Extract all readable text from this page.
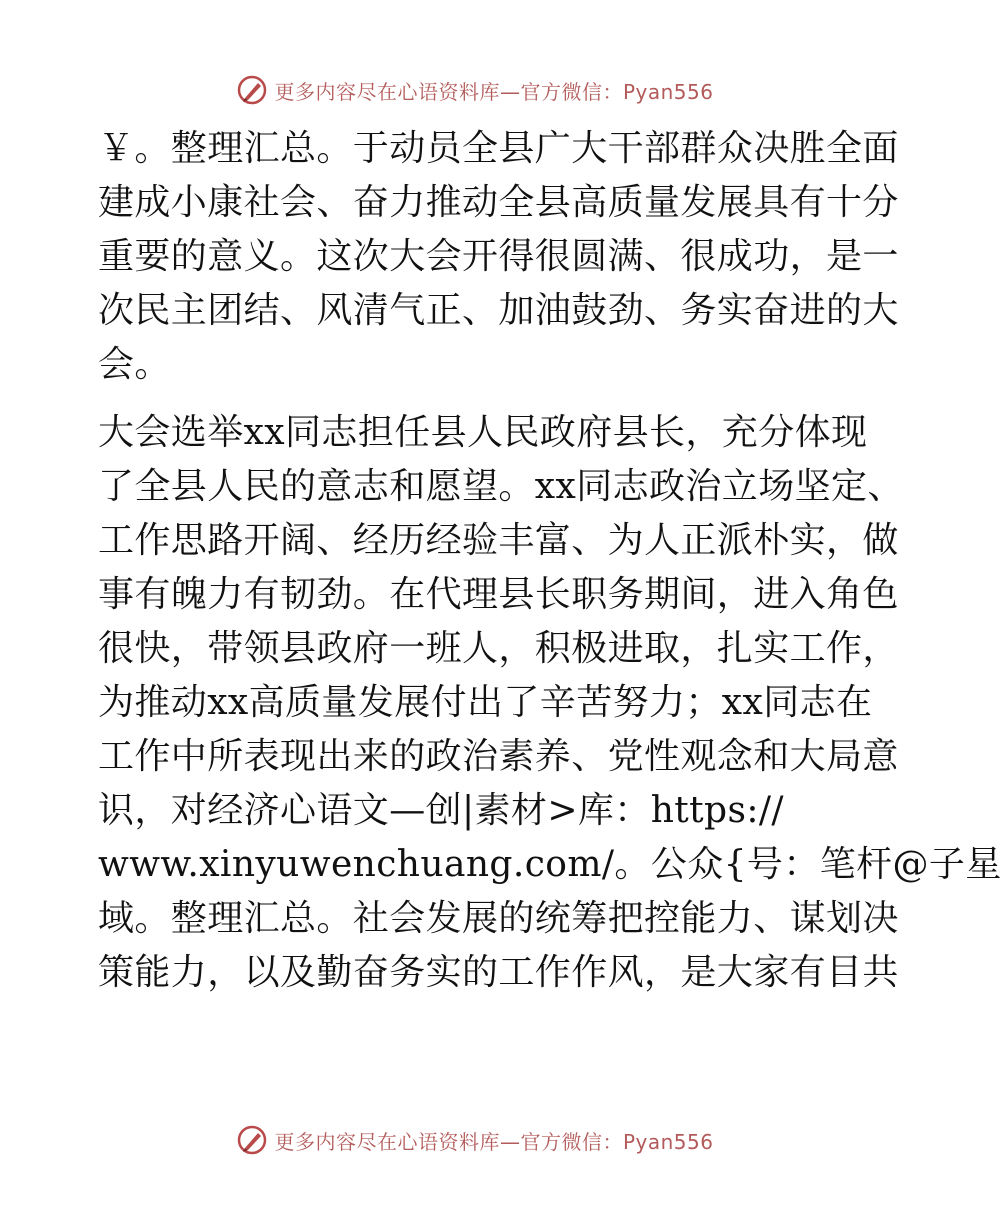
更多内容尽在心语资料库—官方微信：Pyan556
￥。整理汇总。于动员全县广大干部群众决胜全面
建成小康社会、奋力推动全县高质量发展具有十分
重要的意义。这次大会开得很圆满、很成功，是一
次民主团结、风清气正、加油鼓劲、务实奋进的大
会。
大会选举xx同志担任县人民政府县长，充分体现
了全县人民的意志和愿望。xx同志政治立场坚定、
工作思路开阔、经历经验丰富、为人正派朴实，做
事有魄力有韧劲。在代理县长职务期间，进入角色
很快，带领县政府一班人，积极进取，扎实工作，
为推动xx高质量发展付出了辛苦努力；xx同志在
工作中所表现出来的政治素养、党性观念和大局意
识，对经济心语文—创|素材>库：https://
www.xinyuwenchuang.com/。公众{号：笔杆@子星
域。整理汇总。社会发展的统筹把控能力、谋划决
策能力，以及勤奋务实的工作作风，是大家有目共
更多内容尽在心语资料库—官方微信：Pyan556
